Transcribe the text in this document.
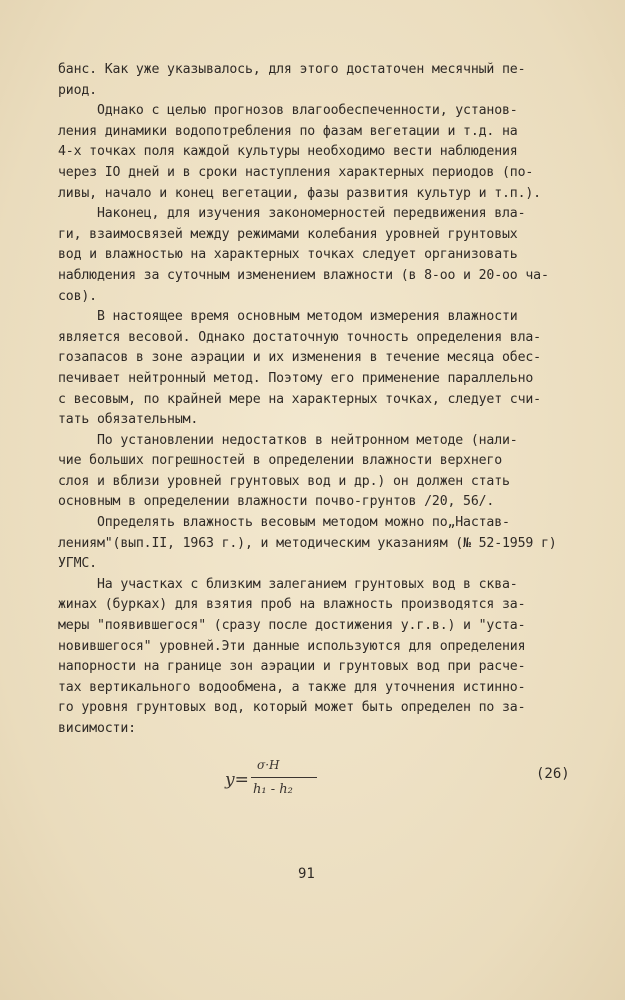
банс. Как уже указывалось, для этого достаточен месячный пе-
риод.
Однако с целью прогнозов влагообеспеченности, установ-
ления динамики водопотребления по фазам вегетации и т.д. на
4-х точках поля каждой культуры необходимо вести наблюдения
через IO дней и в сроки наступления характерных периодов (по-
ливы, начало и конец вегетации, фазы развития культур и т.п.).
Наконец, для изучения закономерностей передвижения вла-
ги, взаимосвязей между режимами колебания уровней грунтовых
вод и влажностью на характерных точках следует организовать
наблюдения за суточным изменением влажности (в 8-оо и 20-оо ча-
сов).
В настоящее время основным методом измерения влажности
является весовой. Однако достаточную точность определения вла-
гозапасов в зоне аэрации и их изменения в течение месяца обес-
печивает нейтронный метод. Поэтому его применение параллельно
с весовым, по крайней мере на характерных точках, следует счи-
тать обязательным.
По установлении недостатков в нейтронном методе (нали-
чие больших погрешностей в определении влажности верхнего
слоя и вблизи уровней грунтовых вод и др.) он должен стать
основным в определении влажности почво-грунтов /20, 56/.
Определять влажность весовым методом можно по„Настав-
лениям"(вып.II, 1963 г.), и методическим указаниям (№ 52-1959 г)
УГМС.
На участках с близким залеганием грунтовых вод в сква-
жинах (бурках) для взятия проб на влажность производятся за-
меры "появившегося" (сразу после достижения у.г.в.) и "уста-
новившегося" уровней.Эти данные используются для определения
напорности на границе зон аэрации и грунтовых вод при расче-
тах вертикального водообмена, а также для уточнения истинно-
го уровня грунтовых вод, который может быть определен по за-
висимости:
y=
σ·H
h₁ - h₂
(26)
91
